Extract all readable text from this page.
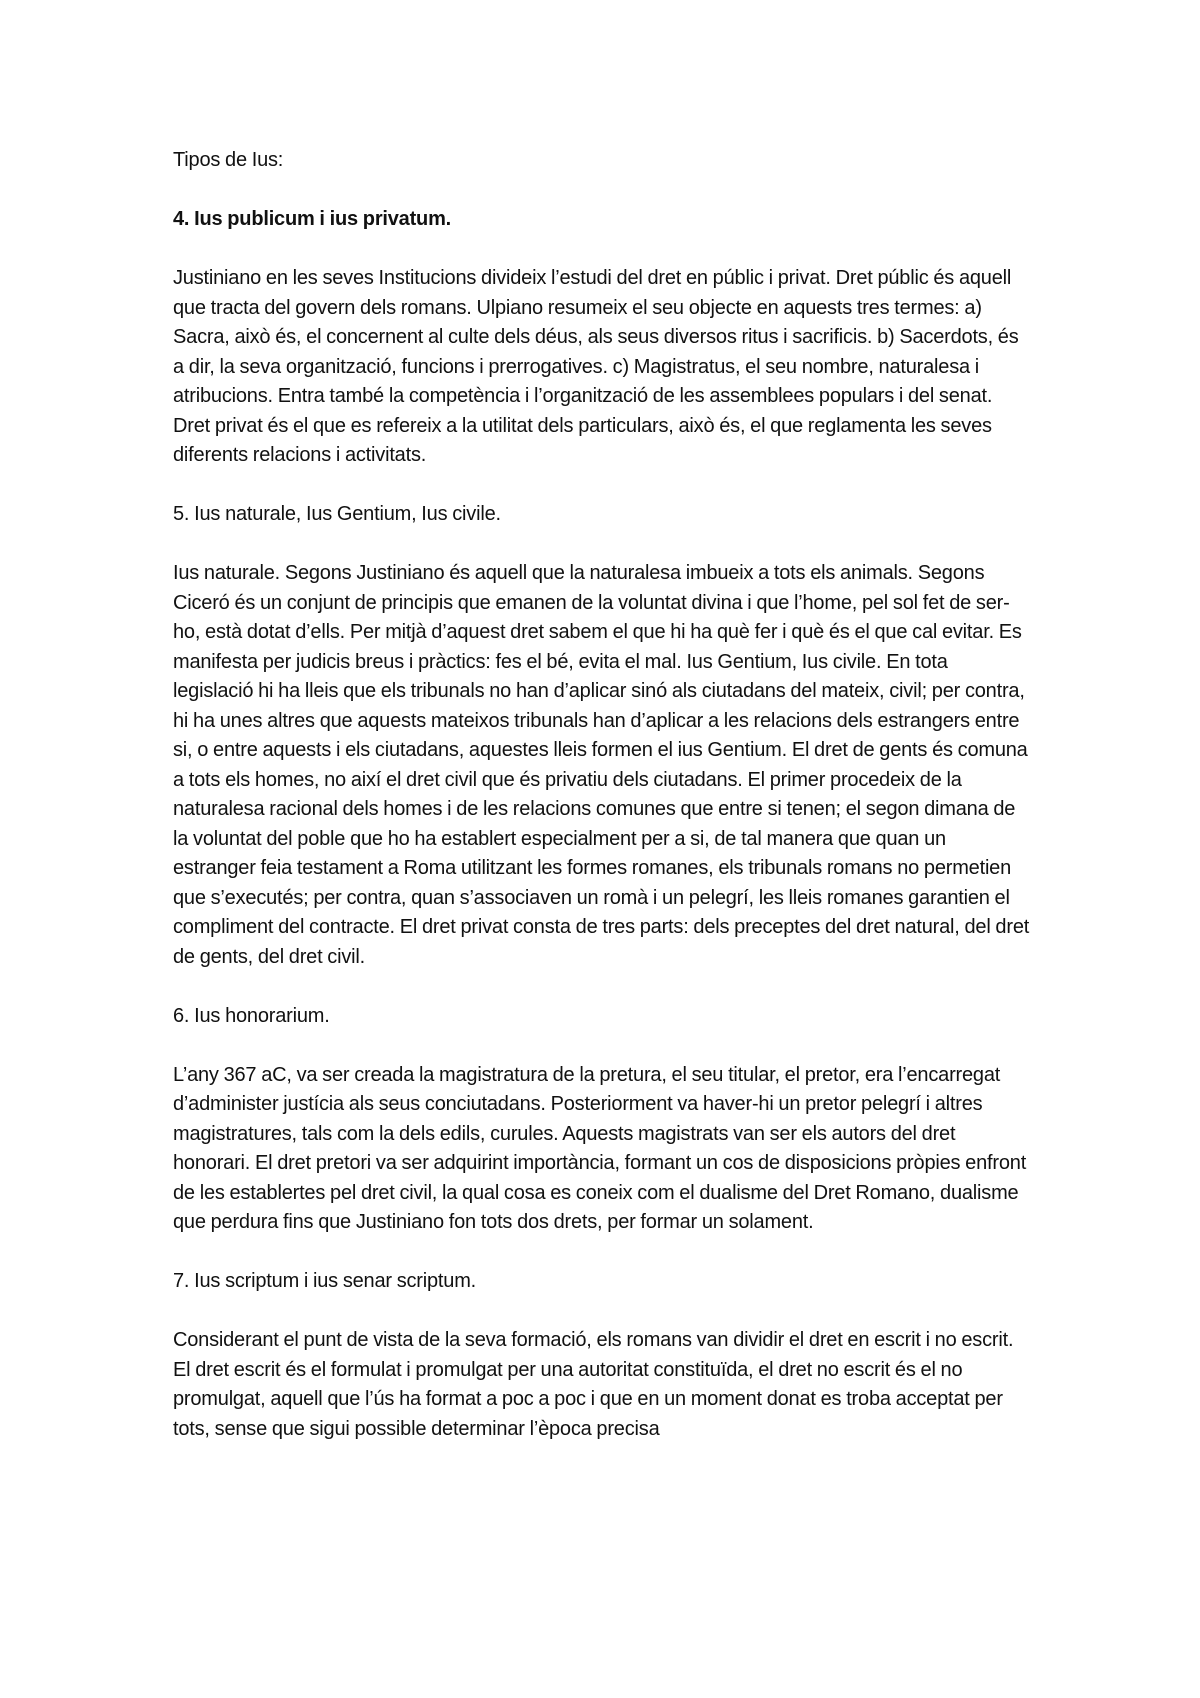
Tipos de Ius:

4. Ius publicum i ius privatum.

Justiniano en les seves Institucions divideix l’estudi del dret en públic i privat. Dret públic és aquell que tracta del govern dels romans. Ulpiano resumeix el seu objecte en aquests tres termes: a) Sacra, això és, el concernent al culte dels déus, als seus diversos ritus i sacrificis. b) Sacerdots, és a dir, la seva organització, funcions i prerrogatives. c) Magistratus, el seu nombre, naturalesa i atribucions. Entra també la competència i l’organització de les assemblees populars i del senat. Dret privat és el que es refereix a la utilitat dels particulars, això és, el que reglamenta les seves diferents relacions i activitats.

5. Ius naturale, Ius Gentium, Ius civile.

Ius naturale. Segons Justiniano és aquell que la naturalesa imbueix a tots els animals. Segons Ciceró és un conjunt de principis que emanen de la voluntat divina i que l’home, pel sol fet de ser-ho, està dotat d’ells. Per mitjà d’aquest dret sabem el que hi ha què fer i què és el que cal evitar. Es manifesta per judicis breus i pràctics: fes el bé, evita el mal. Ius Gentium, Ius civile. En tota legislació hi ha lleis que els tribunals no han d’aplicar sinó als ciutadans del mateix, civil; per contra, hi ha unes altres que aquests mateixos tribunals han d’aplicar a les relacions dels estrangers entre si, o entre aquests i els ciutadans, aquestes lleis formen el ius Gentium. El dret de gents és comuna a tots els homes, no així el dret civil que és privatiu dels ciutadans. El primer procedeix de la naturalesa racional dels homes i de les relacions comunes que entre si tenen; el segon dimana de la voluntat del poble que ho ha establert especialment per a si, de tal manera que quan un estranger feia testament a Roma utilitzant les formes romanes, els tribunals romans no permetien que s’executés; per contra, quan s’associaven un romà i un pelegrí, les lleis romanes garantien el compliment del contracte. El dret privat consta de tres parts: dels preceptes del dret natural, del dret de gents, del dret civil.

6. Ius honorarium.

L’any 367 aC, va ser creada la magistratura de la pretura, el seu titular, el pretor, era l’encarregat d’administer justícia als seus conciutadans. Posteriorment va haver-hi un pretor pelegrí i altres magistratures, tals com la dels edils, curules. Aquests magistrats van ser els autors del dret honorari. El dret pretori va ser adquirint importància, formant un cos de disposicions pròpies enfront de les establertes pel dret civil, la qual cosa es coneix com el dualisme del Dret Romano, dualisme que perdura fins que Justiniano fon tots dos drets, per formar un solament.

7. Ius scriptum i ius senar scriptum.

Considerant el punt de vista de la seva formació, els romans van dividir el dret en escrit i no escrit. El dret escrit és el formulat i promulgat per una autoritat constituïda, el dret no escrit és el no promulgat, aquell que l’ús ha format a poc a poc i que en un moment donat es troba acceptat per tots, sense que sigui possible determinar l’època precisa
